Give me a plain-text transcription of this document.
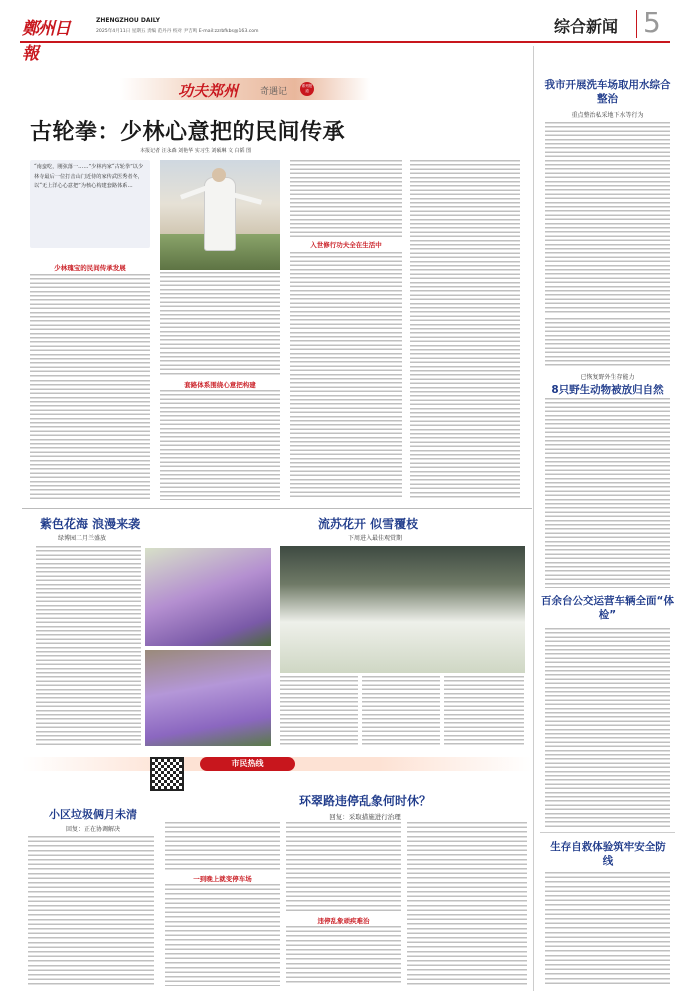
鄭州日報
ZHENGZHOU DAILY
2025年4月11日 星期五 责编 范丹丹 校对 尹吉鸣 E-mail:zzrbfkbs@163.com	综合新闻 5
功夫郑州 奇遇记
系列报道
古轮拳：少林心意把的民间传承
本报记者 汪永森 刘艳华 实习生 刘硕琳 文 白韬 图
“南蛮吃，刚弦落一……”少林内家“古轮拳”以少林寺最后一位打击山门近侍的家传武医秀者冬，以“无上洋心心意把”为核心构建套路体系…
少林瑰宝的民间传承发展
套路体系围绕心意把构建
入世修行功夫全在生活中
我市开展洗车场取用水综合整治
重点整治私采地下水等行为
已恢复野外生存能力
8只野生动物被放归自然
百余台公交运营车辆全面“体检”
紫色花海 浪漫来袭
绿博园二月兰盛放
流苏花开 似雪覆枝
下周进入最佳观赏期
市民热线
小区垃圾俩月未清
回复：正在协调解决
环翠路违停乱象何时休？
回复：采取措施进行治理
一到晚上就变停车场
违停乱象顽疾难治
生存自救体验筑牢安全防线
